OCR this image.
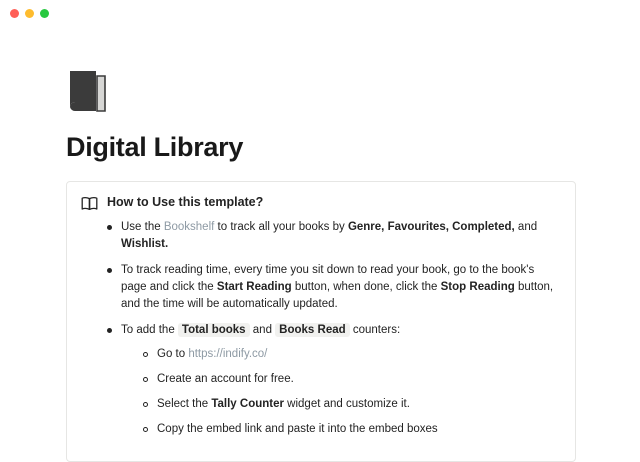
Digital Library
How to Use this template?
Use the Bookshelf to track all your books by Genre, Favourites, Completed, and Wishlist.
To track reading time, every time you sit down to read your book, go to the book's page and click the Start Reading button, when done, click the Stop Reading button, and the time will be automatically updated.
To add the Total books and Books Read counters:
Go to https://indify.co/
Create an account for free.
Select the Tally Counter widget and customize it.
Copy the embed link and paste it into the embed boxes
